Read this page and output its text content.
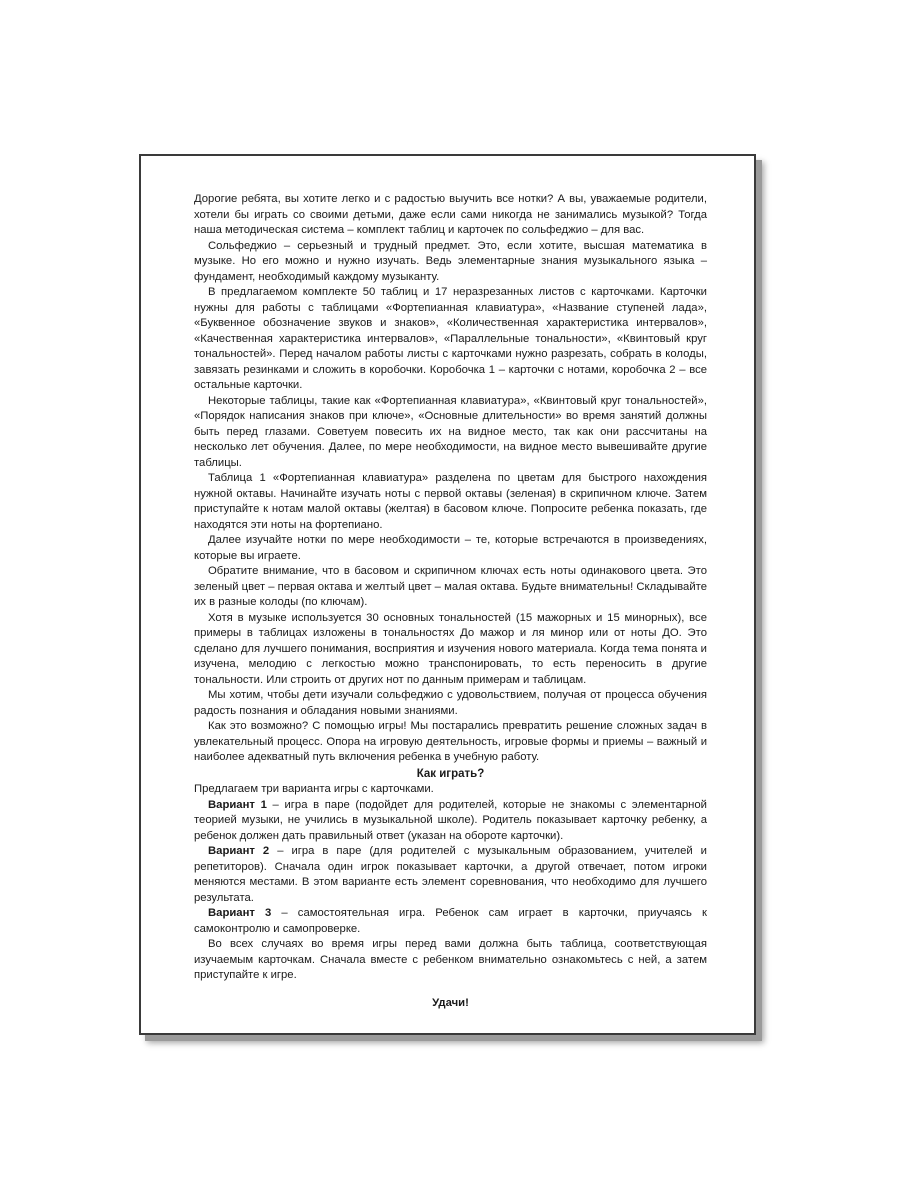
Дорогие ребята, вы хотите легко и с радостью выучить все нотки? А вы, уважаемые родители, хотели бы играть со своими детьми, даже если сами никогда не занимались музыкой? Тогда наша методическая система – комплект таблиц и карточек по сольфеджио – для вас.

Сольфеджио – серьезный и трудный предмет. Это, если хотите, высшая математика в музыке. Но его можно и нужно изучать. Ведь элементарные знания музыкального языка – фундамент, необходимый каждому музыканту.

В предлагаемом комплекте 50 таблиц и 17 неразрезанных листов с карточками. Карточки нужны для работы с таблицами «Фортепианная клавиатура», «Название ступеней лада», «Буквенное обозначение звуков и знаков», «Количественная характеристика интервалов», «Качественная характеристика интервалов», «Параллельные тональности», «Квинтовый круг тональностей». Перед началом работы листы с карточками нужно разрезать, собрать в колоды, завязать резинками и сложить в коробочки. Коробочка 1 – карточки с нотами, коробочка 2 – все остальные карточки.

Некоторые таблицы, такие как «Фортепианная клавиатура», «Квинтовый круг тональностей», «Порядок написания знаков при ключе», «Основные длительности» во время занятий должны быть перед глазами. Советуем повесить их на видное место, так как они рассчитаны на несколько лет обучения. Далее, по мере необходимости, на видное место вывешивайте другие таблицы.

Таблица 1 «Фортепианная клавиатура» разделена по цветам для быстрого нахождения нужной октавы. Начинайте изучать ноты с первой октавы (зеленая) в скрипичном ключе. Затем приступайте к нотам малой октавы (желтая) в басовом ключе. Попросите ребенка показать, где находятся эти ноты на фортепиано.

Далее изучайте нотки по мере необходимости – те, которые встречаются в произведениях, которые вы играете.

Обратите внимание, что в басовом и скрипичном ключах есть ноты одинакового цвета. Это зеленый цвет – первая октава и желтый цвет – малая октава. Будьте внимательны! Складывайте их в разные колоды (по ключам).

Хотя в музыке используется 30 основных тональностей (15 мажорных и 15 минорных), все примеры в таблицах изложены в тональностях До мажор и ля минор или от ноты ДО. Это сделано для лучшего понимания, восприятия и изучения нового материала. Когда тема понята и изучена, мелодию с легкостью можно транспонировать, то есть переносить в другие тональности. Или строить от других нот по данным примерам и таблицам.

Мы хотим, чтобы дети изучали сольфеджио с удовольствием, получая от процесса обучения радость познания и обладания новыми знаниями.

Как это возможно? С помощью игры! Мы постарались превратить решение сложных задач в увлекательный процесс. Опора на игровую деятельность, игровые формы и приемы – важный и наиболее адекватный путь включения ребенка в учебную работу.

Как играть?

Предлагаем три варианта игры с карточками.

Вариант 1 – игра в паре (подойдет для родителей, которые не знакомы с элементарной теорией музыки, не учились в музыкальной школе). Родитель показывает карточку ребенку, а ребенок должен дать правильный ответ (указан на обороте карточки).

Вариант 2 – игра в паре (для родителей с музыкальным образованием, учителей и репетиторов). Сначала один игрок показывает карточки, а другой отвечает, потом игроки меняются местами. В этом варианте есть элемент соревнования, что необходимо для лучшего результата.

Вариант 3 – самостоятельная игра. Ребенок сам играет в карточки, приучаясь к самоконтролю и самопроверке.

Во всех случаях во время игры перед вами должна быть таблица, соответствующая изучаемым карточкам. Сначала вместе с ребенком внимательно ознакомьтесь с ней, а затем приступайте к игре.

Удачи!
